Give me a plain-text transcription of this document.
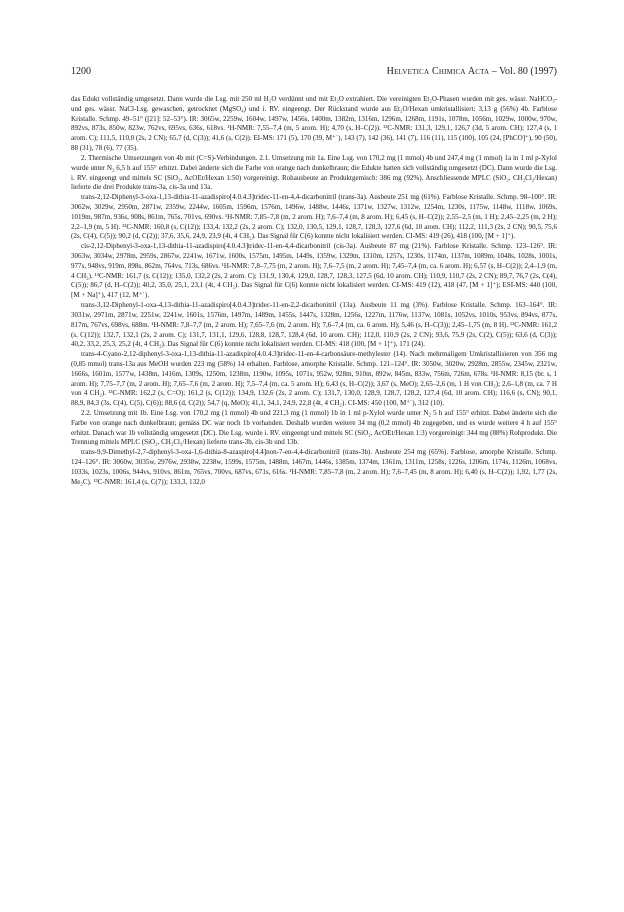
1200	Helvetica Chimica Acta – Vol. 80 (1997)

das Edukt vollständig umgesetzt. Dann wurde die Lsg. mit 250 ml H₂O verdünnt und mit Et₂O extrahiert. Die vereinigten Et₂O-Phasen wurden mit ges. wässr. NaHCO₃- und ges. wässr. NaCl-Lsg. gewaschen, getrocknet (MgSO₄) und i. RV. eingeengt. Der Rückstand wurde aus Et₂O/Hexan umkristallisiert: 3,13 g (56%) 4b. Farblose Kristalle. Schmp. 49–51° ([21]: 52–53°). IR: 3065w, 2259w, 1604w, 1497w, 1456s, 1400m, 1382m, 1316m, 1296m, 1268m, 1191s, 1078m, 1056m, 1029w, 1000w, 970w, 892vs, 873s, 850w, 823w, 762vs, 695vs, 636s, 618vs. ¹H-NMR: 7,55–7,4 (m, 5 arom. H); 4,70 (s, H–C(2)). ¹³C-NMR: 131,3, 129,1, 126,7 (3d, 5 arom. CH); 127,4 (s, 1 arom. C); 111,5, 110,0 (2s, 2 CN); 65,7 (d, C(3)); 41,6 (s, C(2)). EI-MS: 171 (5), 170 (39, M⁺˙), 143 (7), 142 (36), 141 (7), 116 (11), 115 (100), 105 (24, [PhCO]⁺), 90 (50), 88 (31), 78 (6), 77 (35).

2. Thermische Umsetzungen von 4b mit (C=S)-Verbindungen. 2.1. Umsetzung mit 1a. Eine Lsg. von 170,2 mg (1 mmol) 4b und 247,4 mg (1 mmol) 1a in 1 ml p-Xylol wurde unter N₂ 6,5 h auf 155° erhitzt. Dabei änderte sich die Farbe von orange nach dunkelbraun; die Edukte hatten sich vollständig umgesetzt (DC). Dann wurde die Lsg. i. RV. eingeengt und mittels SC (SiO₂, AcOEt/Hexan 1:50) vorgereinigt. Rohausbeute an Produktgemisch: 386 mg (92%). Anschliessende MPLC (SiO₂, CH₂Cl₂/Hexan) lieferte die drei Produkte trans-3a, cis-3a und 13a.

trans-2,12-Diphenyl-3-oxa-1,13-dithia-11-azadispiro[4.0.4.3]tridec-11-en-4,4-dicarbonitril (trans-3a). Ausbeute 251 mg (61%). Farblose Kristalle. Schmp. 98–100°. IR: 3062w, 3029w, 2950m, 2871w, 2359w, 2244w, 1605m, 1596m, 1576m, 1496w, 1488w, 1446s, 1371w, 1327w, 1312w, 1254m, 1230s, 1175w, 1148w, 1118w, 1069s, 1019m, 987m, 936s, 908s, 861m, 765s, 701vs, 690vs. ¹H-NMR: 7,85–7,8 (m, 2 arom. H); 7,6–7,4 (m, 8 arom. H); 6,45 (s, H–C(2)); 2,55–2,5 (m, 1 H); 2,45–2,25 (m, 2 H); 2,2–1,9 (m, 5 H). ¹³C-NMR: 160,8 (s, C(12)); 133,4, 132,2 (2s, 2 arom. C); 132,0, 130,5, 129,1, 128,7, 128,3, 127,6 (6d, 10 arom. CH); 112,2, 111,3 (2s, 2 CN); 90,5, 75,6 (2s, C(4), C(5)); 90,2 (d, C(2)); 37,6, 35,6, 24,9, 23,9 (4t, 4 CH₂). Das Signal für C(6) konnte nicht lokalisiert werden. CI-MS: 419 (26), 418 (100, [M + 1]⁺).

cis-2,12-Diphenyl-3-oxa-1,13-dithia-11-azadispiro[4.0.4.3]tridec-11-en-4,4-dicarbonitril (cis-3a). Ausbeute 87 mg (21%). Farblose Kristalle. Schmp. 123–126°. IR: 3063w, 3034w, 2978m, 2959s, 2867w, 2241w, 1671w, 1600s, 1575m, 1495m, 1449s, 1359w, 1329m, 1310m, 1257s, 1230s, 1174m, 1137m, 1089m, 1048s, 1028s, 1001s, 977s, 948vs, 919m, 898s, 862m, 764vs, 713s, 686vs. ¹H-NMR: 7,8–7,75 (m, 2 arom. H); 7,6–7,5 (m, 2 arom. H); 7,45–7,4 (m, ca. 6 arom. H); 6,57 (s, H–C(2)); 2,4–1,9 (m, 4 CH₂). ¹³C-NMR: 161,7 (s, C(12)); 135,0, 132,2 (2s, 2 arom. C); 131,9, 130,4, 129,0, 128,7, 128,3, 127,5 (6d, 10 arom. CH); 110,9, 110,7 (2s, 2 CN); 89,7, 76,7 (2s, C(4), C(5)); 86,7 (d, H–C(2)); 40,2, 35,0, 25,1, 23,1 (4t, 4 CH₂). Das Signal für C(6) konnte nicht lokalisiert werden. CI-MS: 419 (12), 418 (47, [M + 1]⁺); ESI-MS: 440 (100, [M + Na]⁺), 417 (12, M⁺˙).

trans-3,12-Diphenyl-1-oxa-4,13-dithia-11-azadispiro[4.0.4.3]tridec-11-en-2,2-dicarbonitril (13a). Ausbeute 11 mg (3%). Farblose Kristalle. Schmp. 163–164°. IR: 3031w, 2971m, 2871w, 2251w, 2241w, 1601s, 1576m, 1497m, 1489m, 1455s, 1447s, 1328m, 1256s, 1227m, 1176w, 1137w, 1081s, 1052vs, 1010s, 953vs, 894vs, 877s, 817m, 767vs, 698vs, 688m. ¹H-NMR: 7,8–7,7 (m, 2 arom. H); 7,65–7,6 (m, 2 arom. H); 7,6–7,4 (m, ca. 6 arom. H); 5,46 (s, H–C(3)); 2,45–1,75 (m, 8 H). ¹³C-NMR: 161,2 (s, C(12)); 132,7, 132,1 (2s, 2 arom. C); 131,7, 131,1, 129,6, 128,8, 128,7, 128,4 (6d, 10 arom. CH); 112,0, 110,9 (2s, 2 CN); 93,6, 75,9 (2s, C(2), C(5)); 63,6 (d, C(3)); 40,2, 33,2, 25,3, 25,2 (4t, 4 CH₂). Das Signal für C(6) konnte nicht lokalisiert werden. CI-MS: 418 (100, [M + 1]⁺), 171 (24).

trans-4-Cyano-2,12-diphenyl-3-oxa-1,13-dithia-11-azadispiro[4.0.4.3]tridec-11-en-4-carbonsäure-methylester (14). Nach mehrmaligem Umkristallisieren von 356 mg (0,85 mmol) trans-13a aus MeOH wurden 223 mg (58%) 14 erhalten. Farblose, amorphe Kristalle. Schmp. 121–124°. IR: 3050w, 3020w, 2928m, 2855w, 2345w, 2321w, 1666s, 1601m, 1577w, 1438m, 1416m, 1309s, 1250m, 1238m, 1190w, 1095s, 1071s, 952w, 928m, 910m, 892w, 845m, 833w, 756m, 726m, 678s. ¹H-NMR: 8,15 (br. s, 1 arom. H); 7,75–7,7 (m, 2 arom. H); 7,65–7,6 (m, 2 arom. H); 7,5–7,4 (m, ca. 5 arom. H); 6,43 (s, H–C(2)); 3,67 (s, MeO); 2,65–2,6 (m, 1 H von CH₂); 2,6–1,8 (m, ca. 7 H von 4 CH₂). ¹³C-NMR: 162,2 (s, C=O); 161,2 (s, C(12)); 134,9, 132,6 (2s, 2 arom. C); 131,7, 130,0, 128,9, 128,7, 128,2, 127,4 (6d, 10 arom. CH); 116,6 (s, CN); 90,1, 88,9, 84,3 (3s, C(4), C(5), C(6)); 88,6 (d, C(2)); 54,7 (q, MeO); 41,1, 34,1, 24,9, 22,8 (4t, 4 CH₂). CI-MS: 450 (100, M⁺˙), 312 (10).

2.2. Umsetzung mit 1b. Eine Lsg. von 170,2 mg (1 mmol) 4b und 221,3 mg (1 mmol) 1b in 1 ml p-Xylol wurde unter N₂ 5 h auf 155° erhitzt. Dabei änderte sich die Farbe von orange nach dunkelbraun; gemäss DC war noch 1b vorhanden. Deshalb wurden weitere 34 mg (0,2 mmol) 4b zugegeben, und es wurde weitere 4 h auf 155° erhitzt. Danach war 1b vollständig umgesetzt (DC). Die Lsg. wurde i. RV. eingeengt und mittels SC (SiO₂, AcOEt/Hexan 1:3) vorgereinigt: 344 mg (88%) Rohprodukt. Die Trennung mittels MPLC (SiO₂, CH₂Cl₂/Hexan) lieferte trans-3b, cis-3b und 13b.

trans-9,9-Dimethyl-2,7-diphenyl-3-oxa-1,6-dithia-8-azaspiro[4.4]non-7-en-4,4-dicarbonitril (trans-3b). Ausbeute 254 mg (65%). Farblose, amorphe Kristalle. Schmp. 124–126°. IR: 3060w, 3035w, 2976w, 2938w, 2238w, 1599s, 1575m, 1488m, 1467m, 1446s, 1385m, 1374m, 1361m, 1311m, 1258s, 1226s, 1206m, 1174s, 1126m, 1068vs, 1033s, 1023s, 1006s, 944vs, 910vs, 861m, 765vs, 700vs, 687vs, 671s, 616s. ¹H-NMR: 7,85–7,8 (m, 2 arom. H); 7,6–7,45 (m, 8 arom. H); 6,40 (s, H–C(2)); 1,92, 1,77 (2s, Me₂C). ¹³C-NMR: 161,4 (s, C(7)); 133,3, 132,0
